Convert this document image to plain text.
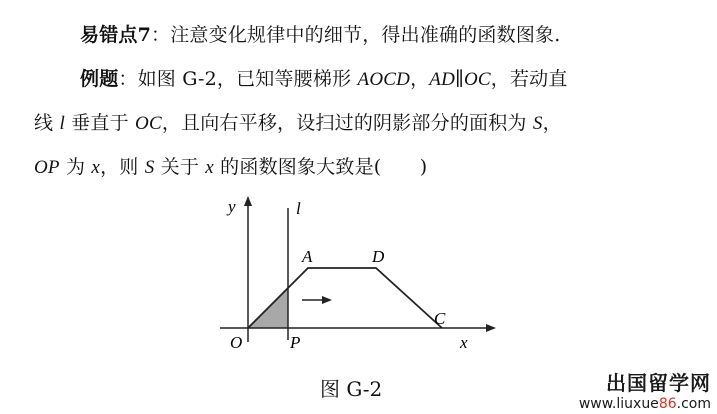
易错点7：注意变化规律中的细节，得出准确的函数图象.
例题：如图 G-2，已知等腰梯形 AOCD，AD∥OC，若动直
线 l 垂直于 OC，且向右平移，设扫过的阴影部分的面积为 S，
OP 为 x，则 S 关于 x 的函数图象大致是(　　)
y	l
A	D
O	P
C
x
图 G-2	出国留学网
www.liuxue86.com
